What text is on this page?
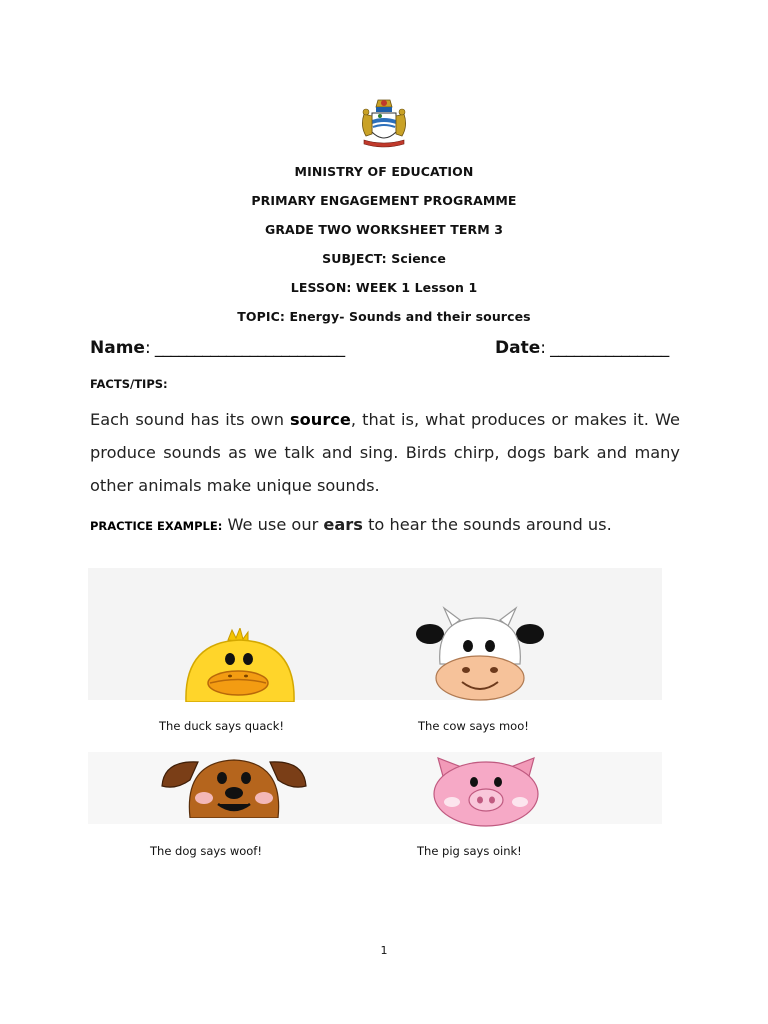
MINISTRY OF EDUCATION
PRIMARY ENGAGEMENT PROGRAMME
GRADE TWO WORKSHEET TERM 3
SUBJECT: Science
LESSON: WEEK 1 Lesson 1
TOPIC: Energy- Sounds and their sources
Name: ________________________	Date: _______________
FACTS/TIPS:
Each sound has its own source, that is, what produces or makes it. We produce sounds as we talk and sing. Birds chirp, dogs bark and many other animals make unique sounds.
PRACTICE EXAMPLE: We use our ears to hear the sounds around us.
The duck says quack!	The cow says moo!
The dog says woof!	The pig says oink!
1
